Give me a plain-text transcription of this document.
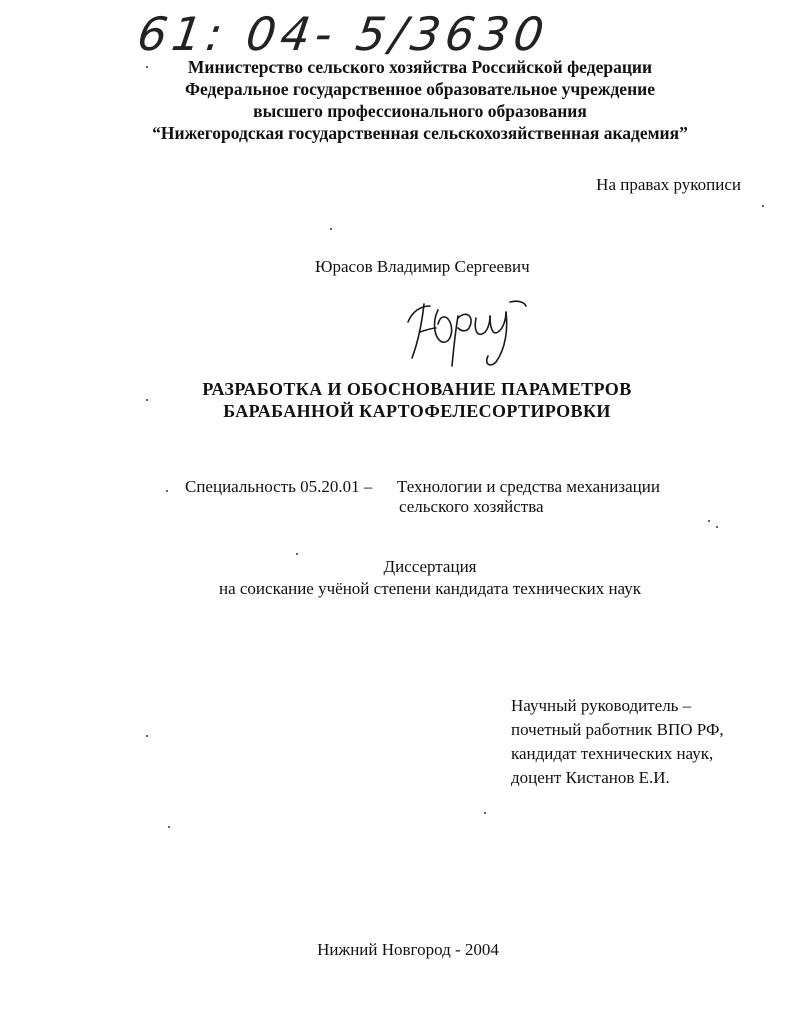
61: 04- 5/3630
Министерство сельского хозяйства Российской федерации
Федеральное государственное образовательное учреждение
высшего профессионального образования
“Нижегородская государственная сельскохозяйственная академия”
На правах рукописи
Юрасов Владимир Сергеевич
РАЗРАБОТКА И ОБОСНОВАНИЕ ПАРАМЕТРОВ
БАРАБАННОЙ КАРТОФЕЛЕСОРТИРОВКИ
Специальность 05.20.01 – Технологии и средства механизации
сельского хозяйства
Диссертация
на соискание учёной степени кандидата технических наук
Научный руководитель –
почетный работник ВПО РФ,
кандидат технических наук,
доцент Кистанов Е.И.
Нижний Новгород - 2004
